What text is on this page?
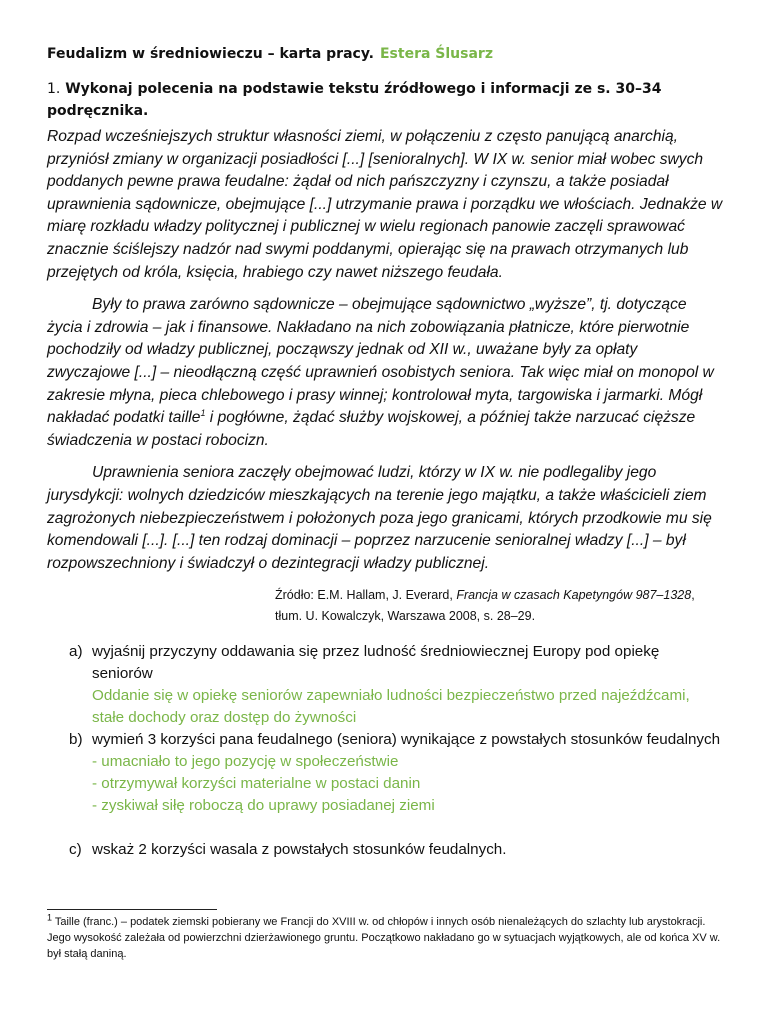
Feudalizm w średniowieczu – karta pracy. Estera Ślusarz
1. Wykonaj polecenia na podstawie tekstu źródłowego i informacji ze s. 30–34 podręcznika.

Rozpad wcześniejszych struktur własności ziemi, w połączeniu z często panującą anarchią, przyniósł zmiany w organizacji posiadłości [...] [senioralnych]. W IX w. senior miał wobec swych poddanych pewne prawa feudalne: żądał od nich pańszczyzny i czynszu, a także posiadał uprawnienia sądownicze, obejmujące [...] utrzymanie prawa i porządku we włościach. Jednakże w miarę rozkładu władzy politycznej i publicznej w wielu regionach panowie zaczęli sprawować znacznie ściślejszy nadzór nad swymi poddanymi, opierając się na prawach otrzymanych lub przejętych od króla, księcia, hrabiego czy nawet niższego feudała.

Były to prawa zarówno sądownicze – obejmujące sądownictwo „wyższe”, tj. dotyczące życia i zdrowia – jak i finansowe. Nakładano na nich zobowiązania płatnicze, które pierwotnie pochodziły od władzy publicznej, począwszy jednak od XII w., uważane były za opłaty zwyczajowe [...] – nieodłączną część uprawnień osobistych seniora. Tak więc miał on monopol w zakresie młyna, pieca chlebowego i prasy winnej; kontrolował myta, targowiska i jarmarki. Mógł nakładać podatki taille$^1$ i pogłówne, żądać służby wojskowej, a później także narzucać cięższe świadczenia w postaci robocizn.

Uprawnienia seniora zaczęły obejmować ludzi, którzy w IX w. nie podlegaliby jego jurysdykcji: wolnych dziedziców mieszkających na terenie jego majątku, a także właścicieli ziem zagrożonych niebezpieczeństwem i położonych poza jego granicami, których przodkowie mu się komendowali [...]. [...] ten rodzaj dominacji – poprzez narzucenie senioralnej władzy [...] – był rozpowszechniony i świadczył o dezintegracji władzy publicznej.

Źródło: E.M. Hallam, J. Everard, Francja w czasach Kapetyngów 987–1328, tłum. U. Kowalczyk, Warszawa 2008, s. 28–29.
a) wyjaśnij przyczyny oddawania się przez ludność średniowiecznej Europy pod opiekę seniorów
Oddanie się w opiekę seniorów zapewniało ludności bezpieczeństwo przed najeźdźcami, stałe dochody oraz dostęp do żywności
b) wymień 3 korzyści pana feudalnego (seniora) wynikające z powstałych stosunków feudalnych
- umacniało to jego pozycję w społeczeństwie
- otrzymywał korzyści materialne w postaci danin
- zyskiwał siłę roboczą do uprawy posiadanej ziemi
c) wskaż 2 korzyści wasala z powstałych stosunków feudalnych.
$^1$ Taille (franc.) – podatek ziemski pobierany we Francji do XVIII w. od chłopów i innych osób nienależących do szlachty lub arystokracji. Jego wysokość zależała od powierzchni dzierżawionego gruntu. Początkowo nakładano go w sytuacjach wyjątkowych, ale od końca XV w. był stałą daniną.
